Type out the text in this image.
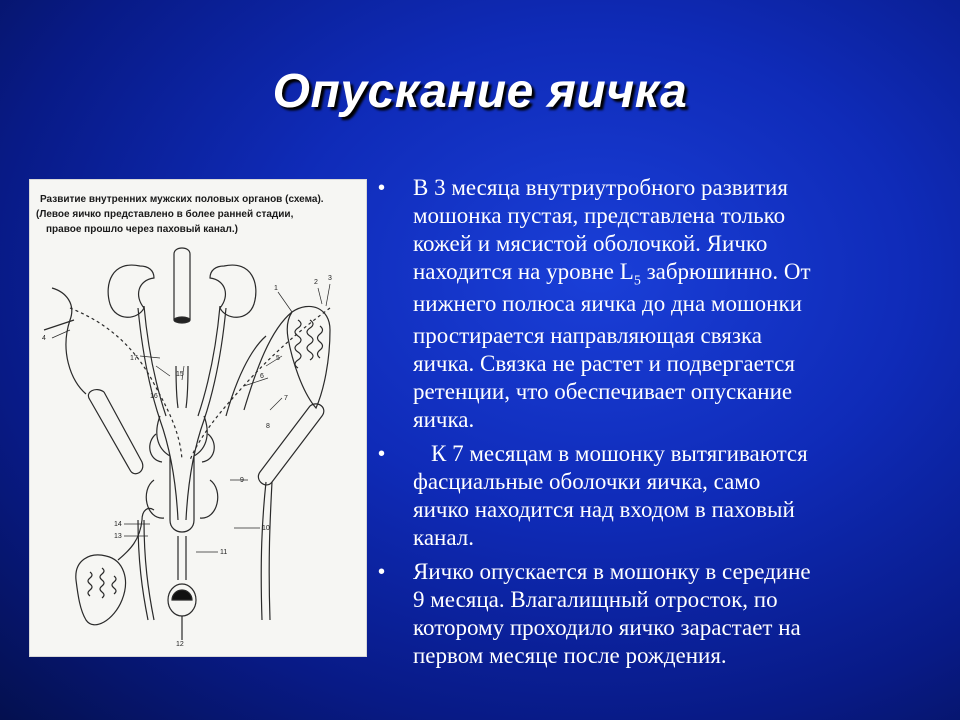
Опускание яичка
Развитие внутренних мужских половых органов (схема).
(Левое яичко представлено в более ранней стадии,
правое прошло через паховый канал.)
1
2
3
4
5
6
7
8
9
10
11
12
13
14
15
16
17
• В 3 месяца внутриутробного развития
мошонка пустая, представлена только
кожей и мясистой оболочкой. Яичко
находится на уровне $L_5$ забрюшинно. От
нижнего полюса яичка до дна мошонки
простирается направляющая связка
яичка. Связка не растет и подвергается
ретенции, что обеспечивает опускание
яичка.
•	К 7 месяцам в мошонку вытягиваются
фасциальные оболочки яичка, само
яичко находится над входом в паховый
канал.
• Яичко опускается в мошонку в середине
9 месяца. Влагалищный отросток, по
которому проходило яичко зарастает на
первом месяце после рождения.
